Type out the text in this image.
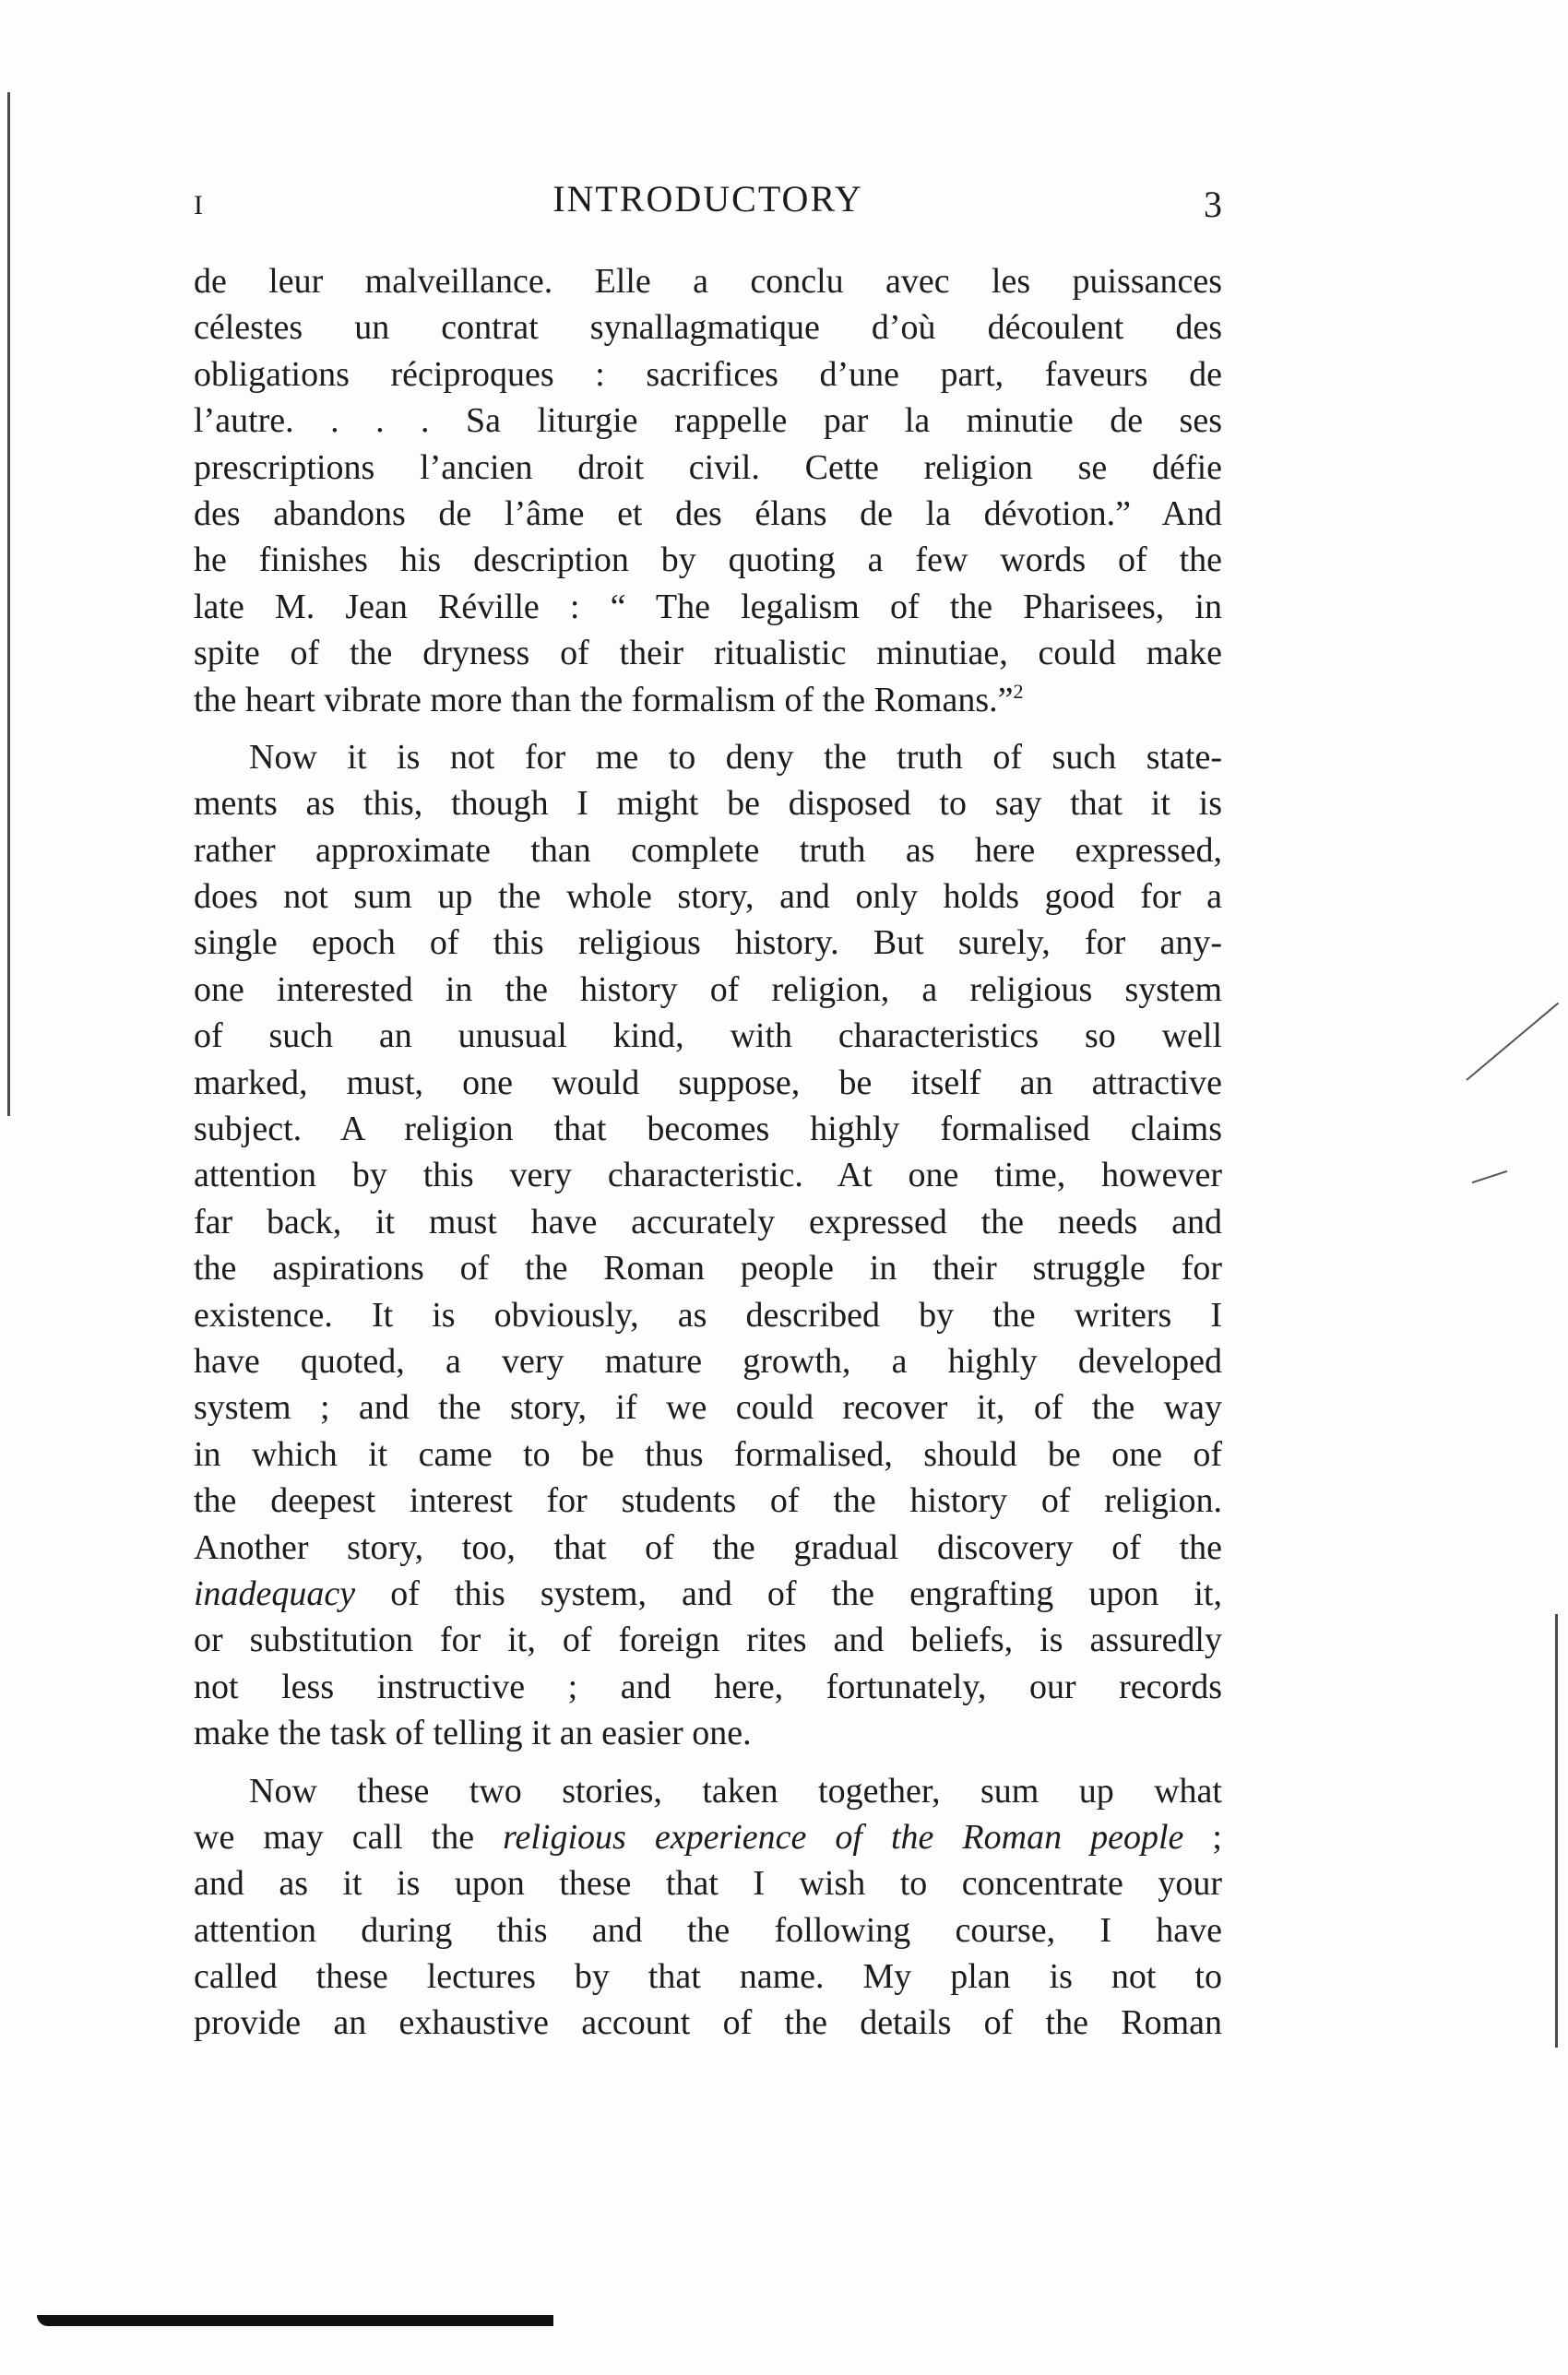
I	INTRODUCTORY	3
de leur malveillance. Elle a conclu avec les puissances
célestes un contrat synallagmatique d’où découlent des
obligations réciproques : sacrifices d’une part, faveurs de
l’autre. . . . Sa liturgie rappelle par la minutie de ses
prescriptions l’ancien droit civil. Cette religion se défie
des abandons de l’âme et des élans de la dévotion.” And
he finishes his description by quoting a few words of the
late M. Jean Réville : “ The legalism of the Pharisees, in
spite of the dryness of their ritualistic minutiae, could make
the heart vibrate more than the formalism of the Romans.”$^2$
Now it is not for me to deny the truth of such state-
ments as this, though I might be disposed to say that it is
rather approximate than complete truth as here expressed,
does not sum up the whole story, and only holds good for a
single epoch of this religious history. But surely, for any-
one interested in the history of religion, a religious system
of such an unusual kind, with characteristics so well
marked, must, one would suppose, be itself an attractive
subject. A religion that becomes highly formalised claims
attention by this very characteristic. At one time, however
far back, it must have accurately expressed the needs and
the aspirations of the Roman people in their struggle for
existence. It is obviously, as described by the writers I
have quoted, a very mature growth, a highly developed
system ; and the story, if we could recover it, of the way
in which it came to be thus formalised, should be one of
the deepest interest for students of the history of religion.
Another story, too, that of the gradual discovery of the
inadequacy of this system, and of the engrafting upon it,
or substitution for it, of foreign rites and beliefs, is assuredly
not less instructive ; and here, fortunately, our records
make the task of telling it an easier one.
Now these two stories, taken together, sum up what
we may call the religious experience of the Roman people ;
and as it is upon these that I wish to concentrate your
attention during this and the following course, I have
called these lectures by that name. My plan is not to
provide an exhaustive account of the details of the Roman
